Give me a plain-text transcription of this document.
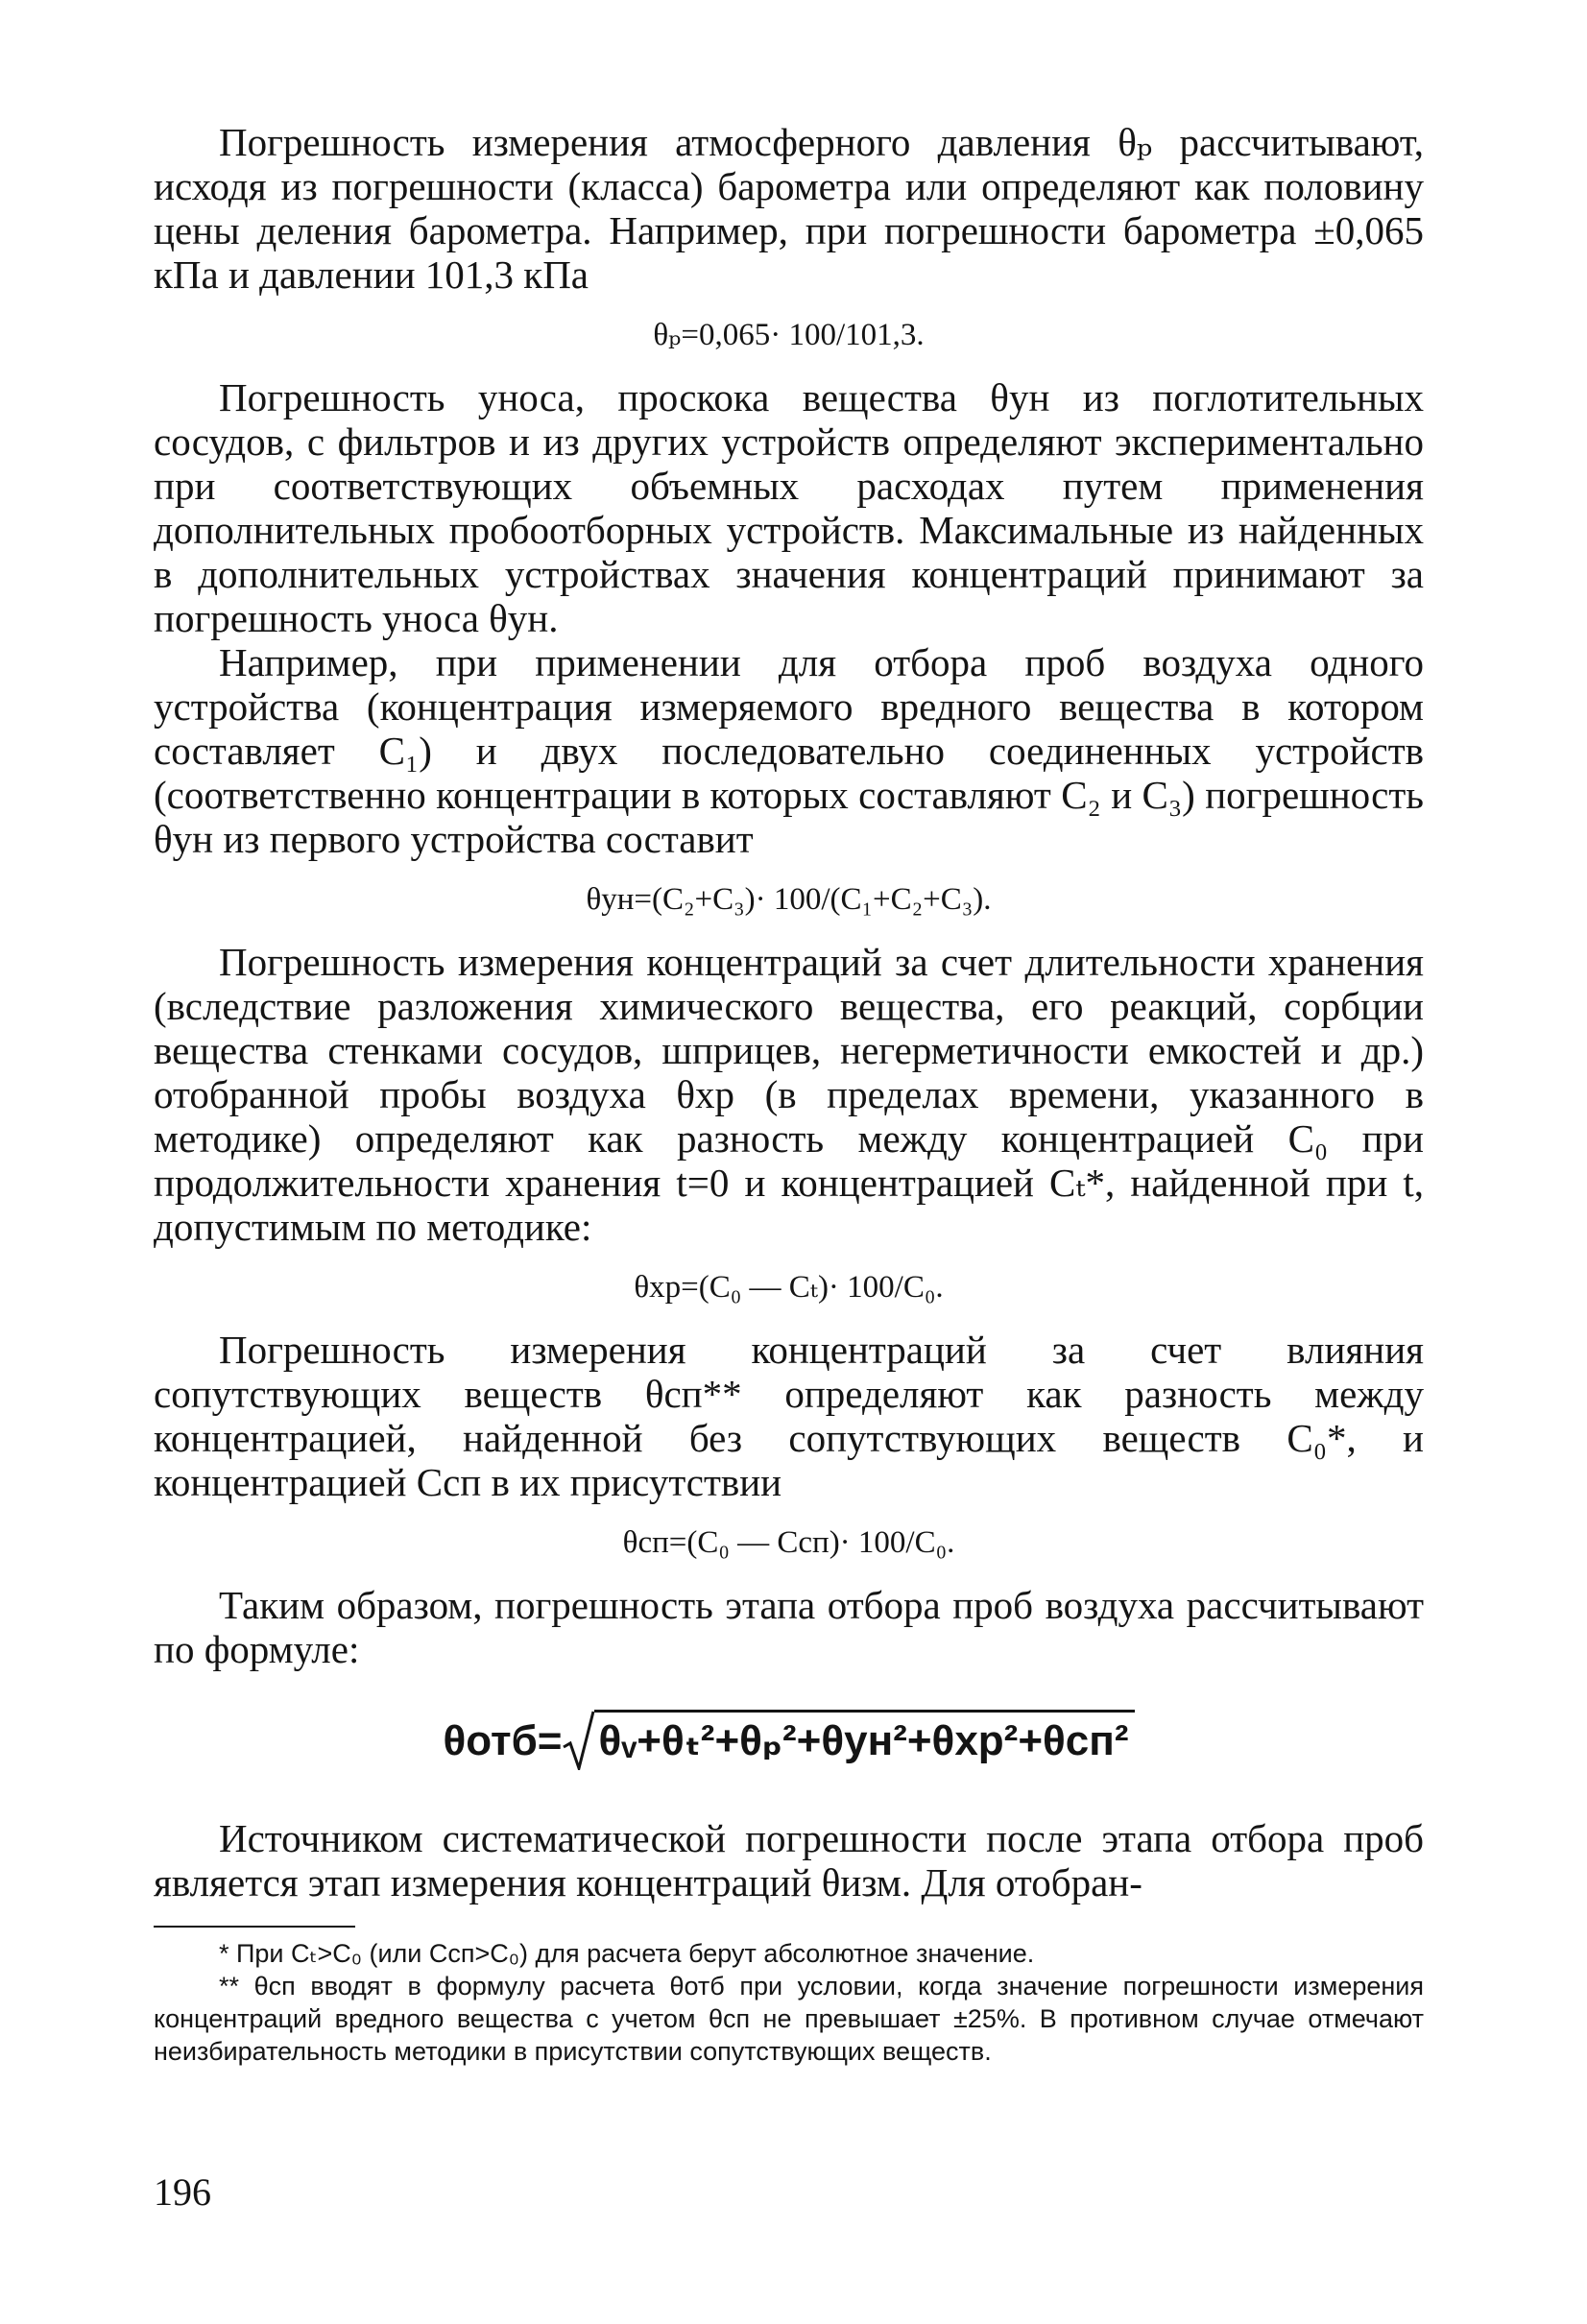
Погрешность измерения атмосферного давления θₚ рассчитывают, исходя из погрешности (класса) барометра или определяют как половину цены деления барометра. Например, при погрешности барометра ±0,065 кПа и давлении 101,3 кПа

θₚ=0,065· 100/101,3.

Погрешность уноса, проскока вещества θун из поглотительных сосудов, с фильтров и из других устройств определяют экспериментально при соответствующих объемных расходах путем применения дополнительных пробоотборных устройств. Максимальные из найденных в дополнительных устройствах значения концентраций принимают за погрешность уноса θун.

Например, при применении для отбора проб воздуха одного устройства (концентрация измеряемого вредного вещества в котором составляет C₁) и двух последовательно соединенных устройств (соответственно концентрации в которых составляют C₂ и C₃) погрешность θун из первого устройства составит

θун=(C₂+C₃)· 100/(C₁+C₂+C₃).

Погрешность измерения концентраций за счет длительности хранения (вследствие разложения химического вещества, его реакций, сорбции вещества стенками сосудов, шприцев, негерметичности емкостей и др.) отобранной пробы воздуха θхр (в пределах времени, указанного в методике) определяют как разность между концентрацией C₀ при продолжительности хранения t=0 и концентрацией Cₜ*, найденной при t, допустимым по методике:

θхр=(C₀ — Cₜ)· 100/C₀.

Погрешность измерения концентраций за счет влияния сопутствующих веществ θсп** определяют как разность между концентрацией, найденной без сопутствующих веществ C₀*, и концентрацией Cсп в их присутствии

θсп=(C₀ — Cсп)· 100/C₀.

Таким образом, погрешность этапа отбора проб воздуха рассчитывают по формуле:

θотб= θᵥ+θₜ²+θₚ²+θун²+θхр²+θсп²

Источником систематической погрешности после этапа отбора проб является этап измерения концентраций θизм. Для отобран-

* При Cₜ>C₀ (или Cсп>C₀) для расчета берут абсолютное значение.

** θсп вводят в формулу расчета θотб при условии, когда значение погрешности измерения концентраций вредного вещества с учетом θсп не превышает ±25%. В противном случае отмечают неизбирательность методики в присутствии сопутствующих веществ.

196
